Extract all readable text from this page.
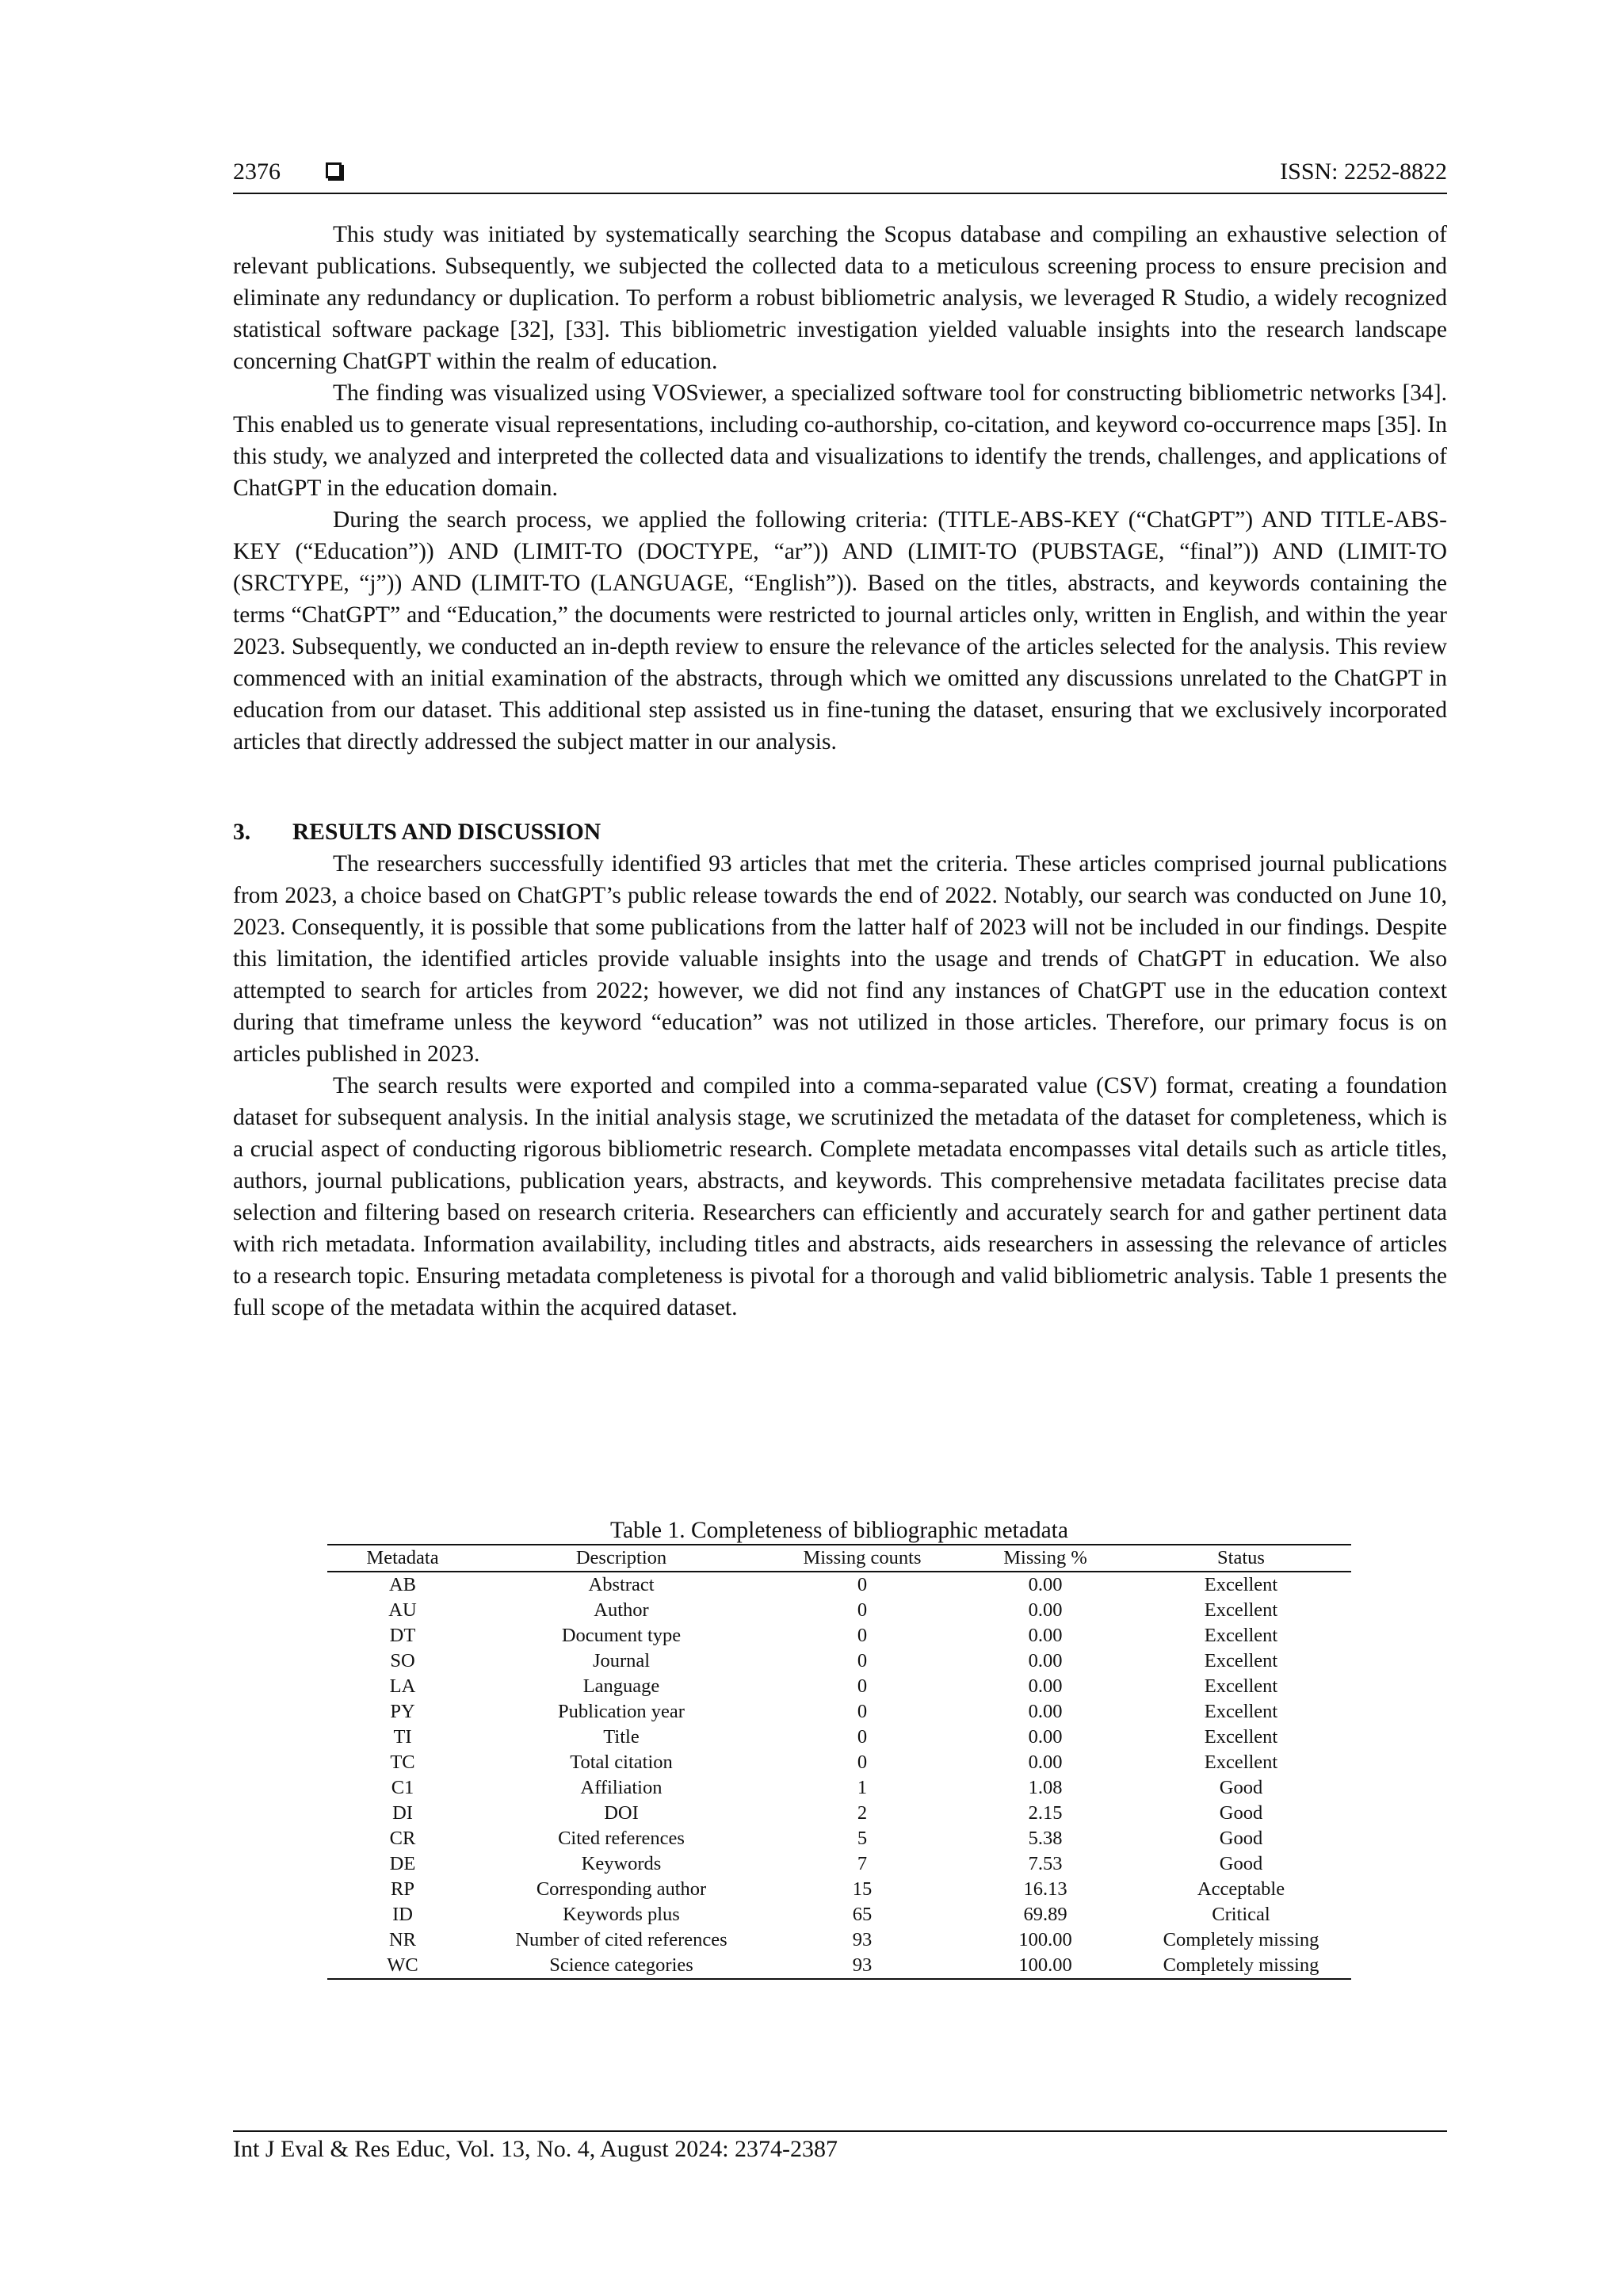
2376	ISSN: 2252-8822

This study was initiated by systematically searching the Scopus database and compiling an exhaustive selection of relevant publications. Subsequently, we subjected the collected data to a meticulous screening process to ensure precision and eliminate any redundancy or duplication. To perform a robust bibliometric analysis, we leveraged R Studio, a widely recognized statistical software package [32], [33]. This bibliometric investigation yielded valuable insights into the research landscape concerning ChatGPT within the realm of education.

The finding was visualized using VOSviewer, a specialized software tool for constructing bibliometric networks [34]. This enabled us to generate visual representations, including co-authorship, co-citation, and keyword co-occurrence maps [35]. In this study, we analyzed and interpreted the collected data and visualizations to identify the trends, challenges, and applications of ChatGPT in the education domain.

During the search process, we applied the following criteria: (TITLE-ABS-KEY (“ChatGPT”) AND TITLE-ABS-KEY (“Education”)) AND (LIMIT-TO (DOCTYPE, “ar”)) AND (LIMIT-TO (PUBSTAGE, “final”)) AND (LIMIT-TO (SRCTYPE, “j”)) AND (LIMIT-TO (LANGUAGE, “English”)). Based on the titles, abstracts, and keywords containing the terms “ChatGPT” and “Education,” the documents were restricted to journal articles only, written in English, and within the year 2023. Subsequently, we conducted an in-depth review to ensure the relevance of the articles selected for the analysis. This review commenced with an initial examination of the abstracts, through which we omitted any discussions unrelated to the ChatGPT in education from our dataset. This additional step assisted us in fine-tuning the dataset, ensuring that we exclusively incorporated articles that directly addressed the subject matter in our analysis.

3. RESULTS AND DISCUSSION

The researchers successfully identified 93 articles that met the criteria. These articles comprised journal publications from 2023, a choice based on ChatGPT’s public release towards the end of 2022. Notably, our search was conducted on June 10, 2023. Consequently, it is possible that some publications from the latter half of 2023 will not be included in our findings. Despite this limitation, the identified articles provide valuable insights into the usage and trends of ChatGPT in education. We also attempted to search for articles from 2022; however, we did not find any instances of ChatGPT use in the education context during that timeframe unless the keyword “education” was not utilized in those articles. Therefore, our primary focus is on articles published in 2023.

The search results were exported and compiled into a comma-separated value (CSV) format, creating a foundation dataset for subsequent analysis. In the initial analysis stage, we scrutinized the metadata of the dataset for completeness, which is a crucial aspect of conducting rigorous bibliometric research. Complete metadata encompasses vital details such as article titles, authors, journal publications, publication years, abstracts, and keywords. This comprehensive metadata facilitates precise data selection and filtering based on research criteria. Researchers can efficiently and accurately search for and gather pertinent data with rich metadata. Information availability, including titles and abstracts, aids researchers in assessing the relevance of articles to a research topic. Ensuring metadata completeness is pivotal for a thorough and valid bibliometric analysis. Table 1 presents the full scope of the metadata within the acquired dataset.

Table 1. Completeness of bibliographic metadata
Metadata	Description	Missing counts	Missing %	Status
AB	Abstract	0	0.00	Excellent
AU	Author	0	0.00	Excellent
DT	Document type	0	0.00	Excellent
SO	Journal	0	0.00	Excellent
LA	Language	0	0.00	Excellent
PY	Publication year	0	0.00	Excellent
TI	Title	0	0.00	Excellent
TC	Total citation	0	0.00	Excellent
C1	Affiliation	1	1.08	Good
DI	DOI	2	2.15	Good
CR	Cited references	5	5.38	Good
DE	Keywords	7	7.53	Good
RP	Corresponding author	15	16.13	Acceptable
ID	Keywords plus	65	69.89	Critical
NR	Number of cited references	93	100.00	Completely missing
WC	Science categories	93	100.00	Completely missing
Int J Eval & Res Educ, Vol. 13, No. 4, August 2024: 2374-2387
